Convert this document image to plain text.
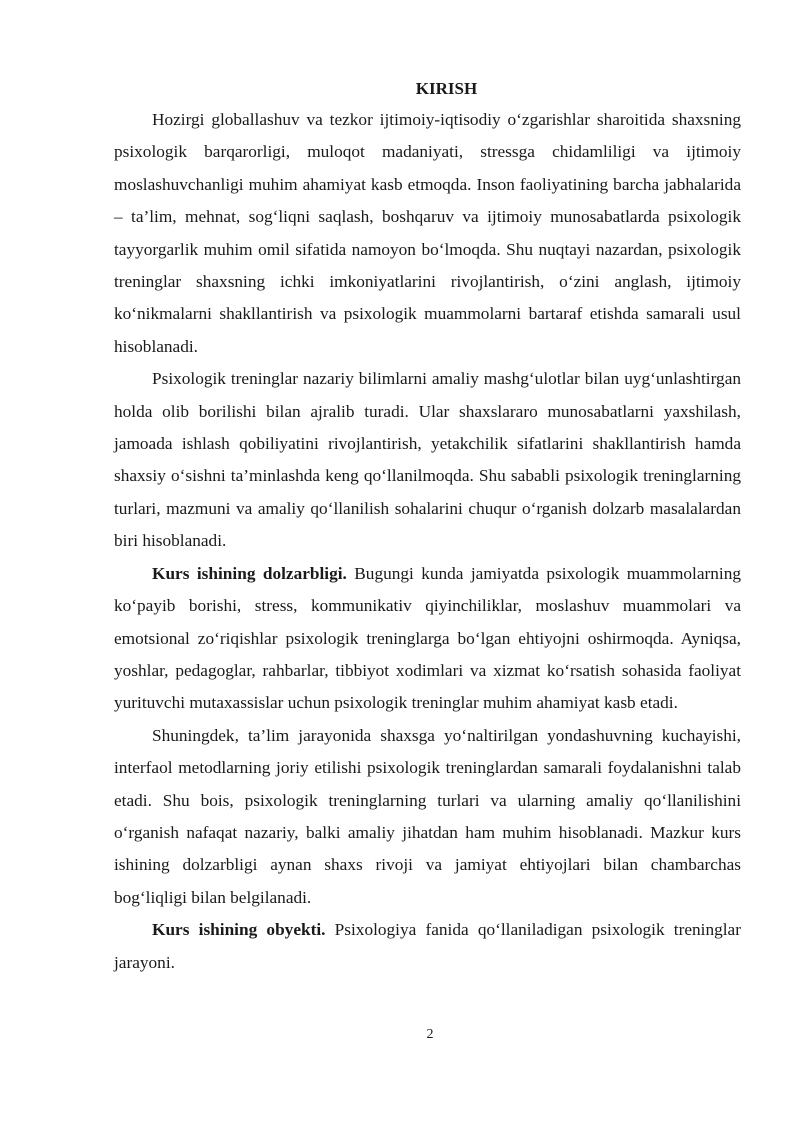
KIRISH

Hozirgi globallashuv va tezkor ijtimoiy-iqtisodiy o‘zgarishlar sharoitida shaxsning psixologik barqarorligi, muloqot madaniyati, stressga chidamliligi va ijtimoiy moslashuvchanligi muhim ahamiyat kasb etmoqda. Inson faoliyatining barcha jabhalarida – ta’lim, mehnat, sog‘liqni saqlash, boshqaruv va ijtimoiy munosabatlarda psixologik tayyorgarlik muhim omil sifatida namoyon bo‘lmoqda. Shu nuqtayi nazardan, psixologik treninglar shaxsning ichki imkoniyatlarini rivojlantirish, o‘zini anglash, ijtimoiy ko‘nikmalarni shakllantirish va psixologik muammolarni bartaraf etishda samarali usul hisoblanadi.

Psixologik treninglar nazariy bilimlarni amaliy mashg‘ulotlar bilan uyg‘unlashtirgan holda olib borilishi bilan ajralib turadi. Ular shaxslararo munosabatlarni yaxshilash, jamoada ishlash qobiliyatini rivojlantirish, yetakchilik sifatlarini shakllantirish hamda shaxsiy o‘sishni ta’minlashda keng qo‘llanilmoqda. Shu sababli psixologik treninglarning turlari, mazmuni va amaliy qo‘llanilish sohalarini chuqur o‘rganish dolzarb masalalardan biri hisoblanadi.

Kurs ishining dolzarbligi. Bugungi kunda jamiyatda psixologik muammolarning ko‘payib borishi, stress, kommunikativ qiyinchiliklar, moslashuv muammolari va emotsional zo‘riqishlar psixologik treninglarga bo‘lgan ehtiyojni oshirmoqda. Ayniqsa, yoshlar, pedagoglar, rahbarlar, tibbiyot xodimlari va xizmat ko‘rsatish sohasida faoliyat yurituvchi mutaxassislar uchun psixologik treninglar muhim ahamiyat kasb etadi.

Shuningdek, ta’lim jarayonida shaxsga yo‘naltirilgan yondashuvning kuchayishi, interfaol metodlarning joriy etilishi psixologik treninglardan samarali foydalanishni talab etadi. Shu bois, psixologik treninglarning turlari va ularning amaliy qo‘llanilishini o‘rganish nafaqat nazariy, balki amaliy jihatdan ham muhim hisoblanadi. Mazkur kurs ishining dolzarbligi aynan shaxs rivoji va jamiyat ehtiyojlari bilan chambarchas bog‘liqligi bilan belgilanadi.

Kurs ishining obyekti. Psixologiya fanida qo‘llaniladigan psixologik treninglar jarayoni.

2
